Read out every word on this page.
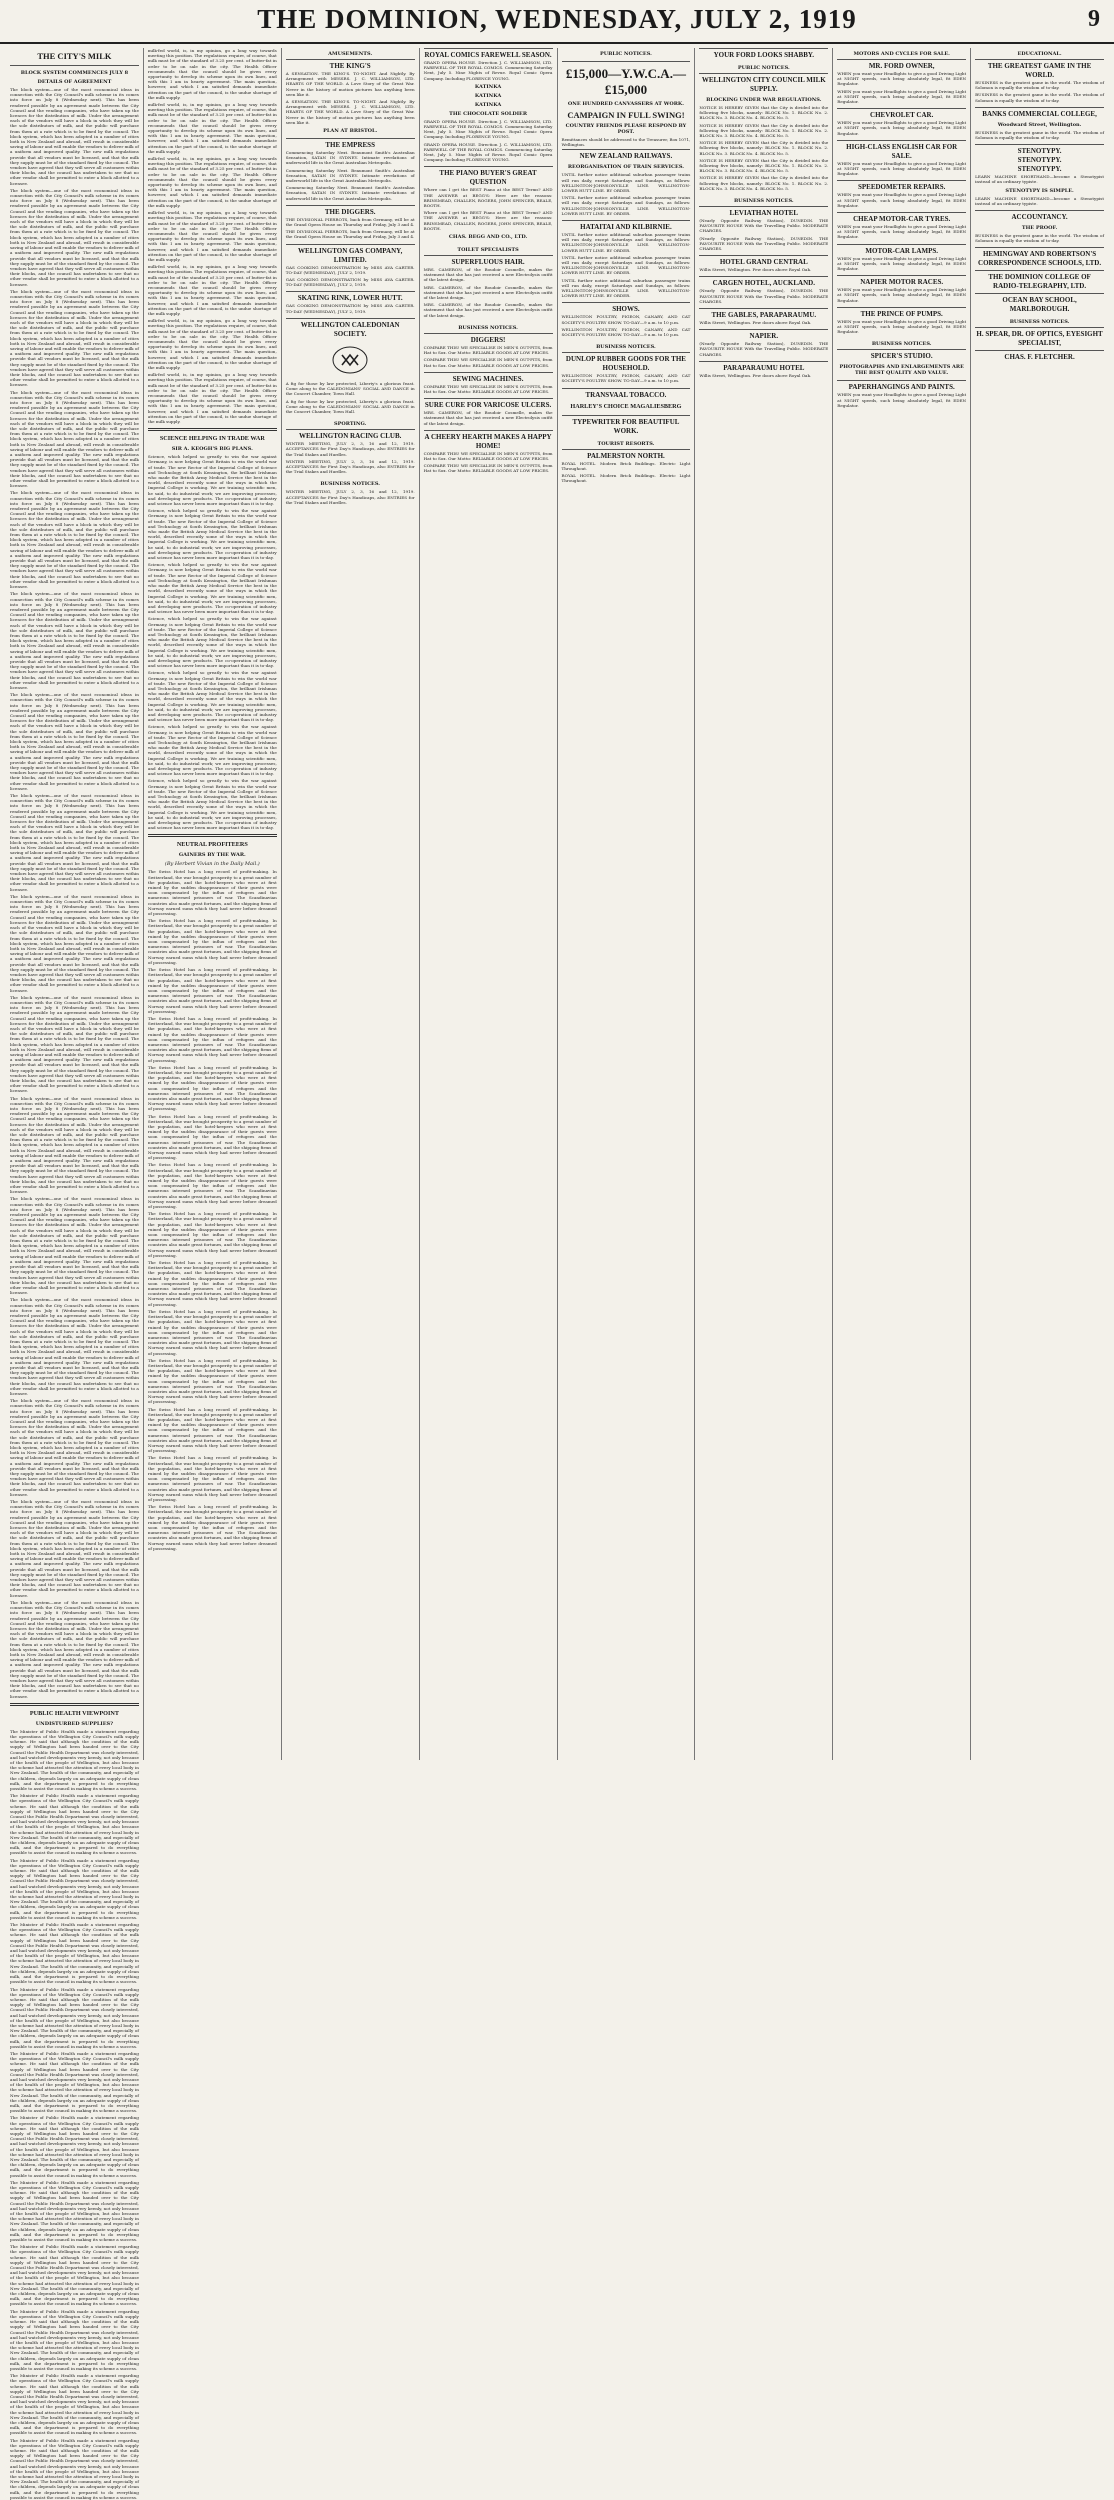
THE DOMINION, WEDNESDAY, JULY 2, 1919	9
THE CITY'S MILK
BLOCK SYSTEM COMMENCES JULY 8
DETAILS OF AGREEMENT

The block system—one of the most economical ideas in connection with the City Council's milk scheme in its comes into force on July 8 (Wednesday next). This has been rendered possible by an agreement made between the City Council and the vending companies, who have taken up the licences for the distribution of milk. Under the arrangement each of the vendors will have a block in which they will be the sole distributors of milk, and the public will purchase from them at a rate which is to be fixed by the council. The block system, which has been adopted in a number of cities both in New Zealand and abroad, will result in considerable saving of labour and will enable the vendors to deliver milk of a uniform and improved quality. The new milk regulations provide that all vendors must be licensed, and that the milk they supply must be of the standard fixed by the council. The vendors have agreed that they will serve all customers within their blocks, and the council has undertaken to see that no other vendor shall be permitted to enter a block allotted to a licensee.

The block system—one of the most economical ideas in connection with the City Council's milk scheme in its comes into force on July 8 (Wednesday next). This has been rendered possible by an agreement made between the City Council and the vending companies, who have taken up the licences for the distribution of milk. Under the arrangement each of the vendors will have a block in which they will be the sole distributors of milk, and the public will purchase from them at a rate which is to be fixed by the council. The block system, which has been adopted in a number of cities both in New Zealand and abroad, will result in considerable saving of labour and will enable the vendors to deliver milk of a uniform and improved quality. The new milk regulations provide that all vendors must be licensed, and that the milk they supply must be of the standard fixed by the council. The vendors have agreed that they will serve all customers within their blocks, and the council has undertaken to see that no other vendor shall be permitted to enter a block allotted to a licensee.

The block system—one of the most economical ideas in connection with the City Council's milk scheme in its comes into force on July 8 (Wednesday next). This has been rendered possible by an agreement made between the City Council and the vending companies, who have taken up the licences for the distribution of milk. Under the arrangement each of the vendors will have a block in which they will be the sole distributors of milk, and the public will purchase from them at a rate which is to be fixed by the council. The block system, which has been adopted in a number of cities both in New Zealand and abroad, will result in considerable saving of labour and will enable the vendors to deliver milk of a uniform and improved quality. The new milk regulations provide that all vendors must be licensed, and that the milk they supply must be of the standard fixed by the council. The vendors have agreed that they will serve all customers within their blocks, and the council has undertaken to see that no other vendor shall be permitted to enter a block allotted to a licensee.

The block system—one of the most economical ideas in connection with the City Council's milk scheme in its comes into force on July 8 (Wednesday next). This has been rendered possible by an agreement made between the City Council and the vending companies, who have taken up the licences for the distribution of milk. Under the arrangement each of the vendors will have a block in which they will be the sole distributors of milk, and the public will purchase from them at a rate which is to be fixed by the council. The block system, which has been adopted in a number of cities both in New Zealand and abroad, will result in considerable saving of labour and will enable the vendors to deliver milk of a uniform and improved quality. The new milk regulations provide that all vendors must be licensed, and that the milk they supply must be of the standard fixed by the council. The vendors have agreed that they will serve all customers within their blocks, and the council has undertaken to see that no other vendor shall be permitted to enter a block allotted to a licensee.

The block system—one of the most economical ideas in connection with the City Council's milk scheme in its comes into force on July 8 (Wednesday next). This has been rendered possible by an agreement made between the City Council and the vending companies, who have taken up the licences for the distribution of milk. Under the arrangement each of the vendors will have a block in which they will be the sole distributors of milk, and the public will purchase from them at a rate which is to be fixed by the council. The block system, which has been adopted in a number of cities both in New Zealand and abroad, will result in considerable saving of labour and will enable the vendors to deliver milk of a uniform and improved quality. The new milk regulations provide that all vendors must be licensed, and that the milk they supply must be of the standard fixed by the council. The vendors have agreed that they will serve all customers within their blocks, and the council has undertaken to see that no other vendor shall be permitted to enter a block allotted to a licensee.

The block system—one of the most economical ideas in connection with the City Council's milk scheme in its comes into force on July 8 (Wednesday next). This has been rendered possible by an agreement made between the City Council and the vending companies, who have taken up the licences for the distribution of milk. Under the arrangement each of the vendors will have a block in which they will be the sole distributors of milk, and the public will purchase from them at a rate which is to be fixed by the council. The block system, which has been adopted in a number of cities both in New Zealand and abroad, will result in considerable saving of labour and will enable the vendors to deliver milk of a uniform and improved quality. The new milk regulations provide that all vendors must be licensed, and that the milk they supply must be of the standard fixed by the council. The vendors have agreed that they will serve all customers within their blocks, and the council has undertaken to see that no other vendor shall be permitted to enter a block allotted to a licensee.

The block system—one of the most economical ideas in connection with the City Council's milk scheme in its comes into force on July 8 (Wednesday next). This has been rendered possible by an agreement made between the City Council and the vending companies, who have taken up the licences for the distribution of milk. Under the arrangement each of the vendors will have a block in which they will be the sole distributors of milk, and the public will purchase from them at a rate which is to be fixed by the council. The block system, which has been adopted in a number of cities both in New Zealand and abroad, will result in considerable saving of labour and will enable the vendors to deliver milk of a uniform and improved quality. The new milk regulations provide that all vendors must be licensed, and that the milk they supply must be of the standard fixed by the council. The vendors have agreed that they will serve all customers within their blocks, and the council has undertaken to see that no other vendor shall be permitted to enter a block allotted to a licensee.

The block system—one of the most economical ideas in connection with the City Council's milk scheme in its comes into force on July 8 (Wednesday next). This has been rendered possible by an agreement made between the City Council and the vending companies, who have taken up the licences for the distribution of milk. Under the arrangement each of the vendors will have a block in which they will be the sole distributors of milk, and the public will purchase from them at a rate which is to be fixed by the council. The block system, which has been adopted in a number of cities both in New Zealand and abroad, will result in considerable saving of labour and will enable the vendors to deliver milk of a uniform and improved quality. The new milk regulations provide that all vendors must be licensed, and that the milk they supply must be of the standard fixed by the council. The vendors have agreed that they will serve all customers within their blocks, and the council has undertaken to see that no other vendor shall be permitted to enter a block allotted to a licensee.

The block system—one of the most economical ideas in connection with the City Council's milk scheme in its comes into force on July 8 (Wednesday next). This has been rendered possible by an agreement made between the City Council and the vending companies, who have taken up the licences for the distribution of milk. Under the arrangement each of the vendors will have a block in which they will be the sole distributors of milk, and the public will purchase from them at a rate which is to be fixed by the council. The block system, which has been adopted in a number of cities both in New Zealand and abroad, will result in considerable saving of labour and will enable the vendors to deliver milk of a uniform and improved quality. The new milk regulations provide that all vendors must be licensed, and that the milk they supply must be of the standard fixed by the council. The vendors have agreed that they will serve all customers within their blocks, and the council has undertaken to see that no other vendor shall be permitted to enter a block allotted to a licensee.

The block system—one of the most economical ideas in connection with the City Council's milk scheme in its comes into force on July 8 (Wednesday next). This has been rendered possible by an agreement made between the City Council and the vending companies, who have taken up the licences for the distribution of milk. Under the arrangement each of the vendors will have a block in which they will be the sole distributors of milk, and the public will purchase from them at a rate which is to be fixed by the council. The block system, which has been adopted in a number of cities both in New Zealand and abroad, will result in considerable saving of labour and will enable the vendors to deliver milk of a uniform and improved quality. The new milk regulations provide that all vendors must be licensed, and that the milk they supply must be of the standard fixed by the council. The vendors have agreed that they will serve all customers within their blocks, and the council has undertaken to see that no other vendor shall be permitted to enter a block allotted to a licensee.

The block system—one of the most economical ideas in connection with the City Council's milk scheme in its comes into force on July 8 (Wednesday next). This has been rendered possible by an agreement made between the City Council and the vending companies, who have taken up the licences for the distribution of milk. Under the arrangement each of the vendors will have a block in which they will be the sole distributors of milk, and the public will purchase from them at a rate which is to be fixed by the council. The block system, which has been adopted in a number of cities both in New Zealand and abroad, will result in considerable saving of labour and will enable the vendors to deliver milk of a uniform and improved quality. The new milk regulations provide that all vendors must be licensed, and that the milk they supply must be of the standard fixed by the council. The vendors have agreed that they will serve all customers within their blocks, and the council has undertaken to see that no other vendor shall be permitted to enter a block allotted to a licensee.

The block system—one of the most economical ideas in connection with the City Council's milk scheme in its comes into force on July 8 (Wednesday next). This has been rendered possible by an agreement made between the City Council and the vending companies, who have taken up the licences for the distribution of milk. Under the arrangement each of the vendors will have a block in which they will be the sole distributors of milk, and the public will purchase from them at a rate which is to be fixed by the council. The block system, which has been adopted in a number of cities both in New Zealand and abroad, will result in considerable saving of labour and will enable the vendors to deliver milk of a uniform and improved quality. The new milk regulations provide that all vendors must be licensed, and that the milk they supply must be of the standard fixed by the council. The vendors have agreed that they will serve all customers within their blocks, and the council has undertaken to see that no other vendor shall be permitted to enter a block allotted to a licensee.

The block system—one of the most economical ideas in connection with the City Council's milk scheme in its comes into force on July 8 (Wednesday next). This has been rendered possible by an agreement made between the City Council and the vending companies, who have taken up the licences for the distribution of milk. Under the arrangement each of the vendors will have a block in which they will be the sole distributors of milk, and the public will purchase from them at a rate which is to be fixed by the council. The block system, which has been adopted in a number of cities both in New Zealand and abroad, will result in considerable saving of labour and will enable the vendors to deliver milk of a uniform and improved quality. The new milk regulations provide that all vendors must be licensed, and that the milk they supply must be of the standard fixed by the council. The vendors have agreed that they will serve all customers within their blocks, and the council has undertaken to see that no other vendor shall be permitted to enter a block allotted to a licensee.

The block system—one of the most economical ideas in connection with the City Council's milk scheme in its comes into force on July 8 (Wednesday next). This has been rendered possible by an agreement made between the City Council and the vending companies, who have taken up the licences for the distribution of milk. Under the arrangement each of the vendors will have a block in which they will be the sole distributors of milk, and the public will purchase from them at a rate which is to be fixed by the council. The block system, which has been adopted in a number of cities both in New Zealand and abroad, will result in considerable saving of labour and will enable the vendors to deliver milk of a uniform and improved quality. The new milk regulations provide that all vendors must be licensed, and that the milk they supply must be of the standard fixed by the council. The vendors have agreed that they will serve all customers within their blocks, and the council has undertaken to see that no other vendor shall be permitted to enter a block allotted to a licensee.

The block system—one of the most economical ideas in connection with the City Council's milk scheme in its comes into force on July 8 (Wednesday next). This has been rendered possible by an agreement made between the City Council and the vending companies, who have taken up the licences for the distribution of milk. Under the arrangement each of the vendors will have a block in which they will be the sole distributors of milk, and the public will purchase from them at a rate which is to be fixed by the council. The block system, which has been adopted in a number of cities both in New Zealand and abroad, will result in considerable saving of labour and will enable the vendors to deliver milk of a uniform and improved quality. The new milk regulations provide that all vendors must be licensed, and that the milk they supply must be of the standard fixed by the council. The vendors have agreed that they will serve all customers within their blocks, and the council has undertaken to see that no other vendor shall be permitted to enter a block allotted to a licensee.

The block system—one of the most economical ideas in connection with the City Council's milk scheme in its comes into force on July 8 (Wednesday next). This has been rendered possible by an agreement made between the City Council and the vending companies, who have taken up the licences for the distribution of milk. Under the arrangement each of the vendors will have a block in which they will be the sole distributors of milk, and the public will purchase from them at a rate which is to be fixed by the council. The block system, which has been adopted in a number of cities both in New Zealand and abroad, will result in considerable saving of labour and will enable the vendors to deliver milk of a uniform and improved quality. The new milk regulations provide that all vendors must be licensed, and that the milk they supply must be of the standard fixed by the council. The vendors have agreed that they will serve all customers within their blocks, and the council has undertaken to see that no other vendor shall be permitted to enter a block allotted to a licensee.

PUBLIC HEALTH VIEWPOINT
UNDISTURBED SUPPLIES?

The Minister of Public Health made a statement regarding the operations of the Wellington City Council's milk supply scheme. He said that although the condition of the milk supply of Wellington had been handed over to the City Council the Public Health Department was closely interested, and had watched developments very keenly, not only because of the health of the people of Wellington, but also because the scheme had attracted the attention of every local body in New Zealand. The health of the community, and especially of the children, depends largely on an adequate supply of clean milk, and the department is prepared to do everything possible to assist the council in making its scheme a success.

The Minister of Public Health made a statement regarding the operations of the Wellington City Council's milk supply scheme. He said that although the condition of the milk supply of Wellington had been handed over to the City Council the Public Health Department was closely interested, and had watched developments very keenly, not only because of the health of the people of Wellington, but also because the scheme had attracted the attention of every local body in New Zealand. The health of the community, and especially of the children, depends largely on an adequate supply of clean milk, and the department is prepared to do everything possible to assist the council in making its scheme a success.

The Minister of Public Health made a statement regarding the operations of the Wellington City Council's milk supply scheme. He said that although the condition of the milk supply of Wellington had been handed over to the City Council the Public Health Department was closely interested, and had watched developments very keenly, not only because of the health of the people of Wellington, but also because the scheme had attracted the attention of every local body in New Zealand. The health of the community, and especially of the children, depends largely on an adequate supply of clean milk, and the department is prepared to do everything possible to assist the council in making its scheme a success.

The Minister of Public Health made a statement regarding the operations of the Wellington City Council's milk supply scheme. He said that although the condition of the milk supply of Wellington had been handed over to the City Council the Public Health Department was closely interested, and had watched developments very keenly, not only because of the health of the people of Wellington, but also because the scheme had attracted the attention of every local body in New Zealand. The health of the community, and especially of the children, depends largely on an adequate supply of clean milk, and the department is prepared to do everything possible to assist the council in making its scheme a success.

The Minister of Public Health made a statement regarding the operations of the Wellington City Council's milk supply scheme. He said that although the condition of the milk supply of Wellington had been handed over to the City Council the Public Health Department was closely interested, and had watched developments very keenly, not only because of the health of the people of Wellington, but also because the scheme had attracted the attention of every local body in New Zealand. The health of the community, and especially of the children, depends largely on an adequate supply of clean milk, and the department is prepared to do everything possible to assist the council in making its scheme a success.

The Minister of Public Health made a statement regarding the operations of the Wellington City Council's milk supply scheme. He said that although the condition of the milk supply of Wellington had been handed over to the City Council the Public Health Department was closely interested, and had watched developments very keenly, not only because of the health of the people of Wellington, but also because the scheme had attracted the attention of every local body in New Zealand. The health of the community, and especially of the children, depends largely on an adequate supply of clean milk, and the department is prepared to do everything possible to assist the council in making its scheme a success.

The Minister of Public Health made a statement regarding the operations of the Wellington City Council's milk supply scheme. He said that although the condition of the milk supply of Wellington had been handed over to the City Council the Public Health Department was closely interested, and had watched developments very keenly, not only because of the health of the people of Wellington, but also because the scheme had attracted the attention of every local body in New Zealand. The health of the community, and especially of the children, depends largely on an adequate supply of clean milk, and the department is prepared to do everything possible to assist the council in making its scheme a success.

The Minister of Public Health made a statement regarding the operations of the Wellington City Council's milk supply scheme. He said that although the condition of the milk supply of Wellington had been handed over to the City Council the Public Health Department was closely interested, and had watched developments very keenly, not only because of the health of the people of Wellington, but also because the scheme had attracted the attention of every local body in New Zealand. The health of the community, and especially of the children, depends largely on an adequate supply of clean milk, and the department is prepared to do everything possible to assist the council in making its scheme a success.

The Minister of Public Health made a statement regarding the operations of the Wellington City Council's milk supply scheme. He said that although the condition of the milk supply of Wellington had been handed over to the City Council the Public Health Department was closely interested, and had watched developments very keenly, not only because of the health of the people of Wellington, but also because the scheme had attracted the attention of every local body in New Zealand. The health of the community, and especially of the children, depends largely on an adequate supply of clean milk, and the department is prepared to do everything possible to assist the council in making its scheme a success.

The Minister of Public Health made a statement regarding the operations of the Wellington City Council's milk supply scheme. He said that although the condition of the milk supply of Wellington had been handed over to the City Council the Public Health Department was closely interested, and had watched developments very keenly, not only because of the health of the people of Wellington, but also because the scheme had attracted the attention of every local body in New Zealand. The health of the community, and especially of the children, depends largely on an adequate supply of clean milk, and the department is prepared to do everything possible to assist the council in making its scheme a success.

The Minister of Public Health made a statement regarding the operations of the Wellington City Council's milk supply scheme. He said that although the condition of the milk supply of Wellington had been handed over to the City Council the Public Health Department was closely interested, and had watched developments very keenly, not only because of the health of the people of Wellington, but also because the scheme had attracted the attention of every local body in New Zealand. The health of the community, and especially of the children, depends largely on an adequate supply of clean milk, and the department is prepared to do everything possible to assist the council in making its scheme a success.

The Minister of Public Health made a statement regarding the operations of the Wellington City Council's milk supply scheme. He said that although the condition of the milk supply of Wellington had been handed over to the City Council the Public Health Department was closely interested, and had watched developments very keenly, not only because of the health of the people of Wellington, but also because the scheme had attracted the attention of every local body in New Zealand. The health of the community, and especially of the children, depends largely on an adequate supply of clean milk, and the department is prepared to do everything possible to assist the council in making its scheme a success.

milk-fed world, is, in my opinion, go a long way towards meeting this position. The regulations require, of course, that milk must be of the standard of 3.25 per cent. of butter-fat in order to be on sale in the city. The Health Officer recommends that the council should be given every opportunity to develop its scheme upon its own lines, and with this I am in hearty agreement. The main question, however, and which I am satisfied demands immediate attention on the part of the council, is the undue shortage of the milk supply.

milk-fed world, is, in my opinion, go a long way towards meeting this position. The regulations require, of course, that milk must be of the standard of 3.25 per cent. of butter-fat in order to be on sale in the city. The Health Officer recommends that the council should be given every opportunity to develop its scheme upon its own lines, and with this I am in hearty agreement. The main question, however, and which I am satisfied demands immediate attention on the part of the council, is the undue shortage of the milk supply.

milk-fed world, is, in my opinion, go a long way towards meeting this position. The regulations require, of course, that milk must be of the standard of 3.25 per cent. of butter-fat in order to be on sale in the city. The Health Officer recommends that the council should be given every opportunity to develop its scheme upon its own lines, and with this I am in hearty agreement. The main question, however, and which I am satisfied demands immediate attention on the part of the council, is the undue shortage of the milk supply.

milk-fed world, is, in my opinion, go a long way towards meeting this position. The regulations require, of course, that milk must be of the standard of 3.25 per cent. of butter-fat in order to be on sale in the city. The Health Officer recommends that the council should be given every opportunity to develop its scheme upon its own lines, and with this I am in hearty agreement. The main question, however, and which I am satisfied demands immediate attention on the part of the council, is the undue shortage of the milk supply.

milk-fed world, is, in my opinion, go a long way towards meeting this position. The regulations require, of course, that milk must be of the standard of 3.25 per cent. of butter-fat in order to be on sale in the city. The Health Officer recommends that the council should be given every opportunity to develop its scheme upon its own lines, and with this I am in hearty agreement. The main question, however, and which I am satisfied demands immediate attention on the part of the council, is the undue shortage of the milk supply.

milk-fed world, is, in my opinion, go a long way towards meeting this position. The regulations require, of course, that milk must be of the standard of 3.25 per cent. of butter-fat in order to be on sale in the city. The Health Officer recommends that the council should be given every opportunity to develop its scheme upon its own lines, and with this I am in hearty agreement. The main question, however, and which I am satisfied demands immediate attention on the part of the council, is the undue shortage of the milk supply.

milk-fed world, is, in my opinion, go a long way towards meeting this position. The regulations require, of course, that milk must be of the standard of 3.25 per cent. of butter-fat in order to be on sale in the city. The Health Officer recommends that the council should be given every opportunity to develop its scheme upon its own lines, and with this I am in hearty agreement. The main question, however, and which I am satisfied demands immediate attention on the part of the council, is the undue shortage of the milk supply.

SCIENCE HELPING IN TRADE WAR
SIR A. KEOGH'S BIG PLANS.

Science, which helped so greatly to win the war against Germany, is now helping Great Britain to win the world war of trade. The new Rector of the Imperial College of Science and Technology at South Kensington, the brilliant Irishman who made the British Army Medical Service the best in the world, described recently some of the ways in which the Imperial College is working. We are training scientific men, he said, to do industrial work; we are improving processes, and developing new products. The co-operation of industry and science has never been more important than it is to-day.

Science, which helped so greatly to win the war against Germany, is now helping Great Britain to win the world war of trade. The new Rector of the Imperial College of Science and Technology at South Kensington, the brilliant Irishman who made the British Army Medical Service the best in the world, described recently some of the ways in which the Imperial College is working. We are training scientific men, he said, to do industrial work; we are improving processes, and developing new products. The co-operation of industry and science has never been more important than it is to-day.

Science, which helped so greatly to win the war against Germany, is now helping Great Britain to win the world war of trade. The new Rector of the Imperial College of Science and Technology at South Kensington, the brilliant Irishman who made the British Army Medical Service the best in the world, described recently some of the ways in which the Imperial College is working. We are training scientific men, he said, to do industrial work; we are improving processes, and developing new products. The co-operation of industry and science has never been more important than it is to-day.

Science, which helped so greatly to win the war against Germany, is now helping Great Britain to win the world war of trade. The new Rector of the Imperial College of Science and Technology at South Kensington, the brilliant Irishman who made the British Army Medical Service the best in the world, described recently some of the ways in which the Imperial College is working. We are training scientific men, he said, to do industrial work; we are improving processes, and developing new products. The co-operation of industry and science has never been more important than it is to-day.

Science, which helped so greatly to win the war against Germany, is now helping Great Britain to win the world war of trade. The new Rector of the Imperial College of Science and Technology at South Kensington, the brilliant Irishman who made the British Army Medical Service the best in the world, described recently some of the ways in which the Imperial College is working. We are training scientific men, he said, to do industrial work; we are improving processes, and developing new products. The co-operation of industry and science has never been more important than it is to-day.

Science, which helped so greatly to win the war against Germany, is now helping Great Britain to win the world war of trade. The new Rector of the Imperial College of Science and Technology at South Kensington, the brilliant Irishman who made the British Army Medical Service the best in the world, described recently some of the ways in which the Imperial College is working. We are training scientific men, he said, to do industrial work; we are improving processes, and developing new products. The co-operation of industry and science has never been more important than it is to-day.

Science, which helped so greatly to win the war against Germany, is now helping Great Britain to win the world war of trade. The new Rector of the Imperial College of Science and Technology at South Kensington, the brilliant Irishman who made the British Army Medical Service the best in the world, described recently some of the ways in which the Imperial College is working. We are training scientific men, he said, to do industrial work; we are improving processes, and developing new products. The co-operation of industry and science has never been more important than it is to-day.

NEUTRAL PROFITEERS
GAINERS BY THE WAR.
(By Herbert Vivian in the Daily Mail.)

The Swiss Hotel has a long record of profit-making. In Switzerland, the war brought prosperity to a great number of the population, and the hotel-keepers who were at first ruined by the sudden disappearance of their guests were soon compensated by the influx of refugees and the numerous interned prisoners of war. The Scandinavian countries also made great fortunes, and the shipping firms of Norway earned sums which they had never before dreamed of possessing.

The Swiss Hotel has a long record of profit-making. In Switzerland, the war brought prosperity to a great number of the population, and the hotel-keepers who were at first ruined by the sudden disappearance of their guests were soon compensated by the influx of refugees and the numerous interned prisoners of war. The Scandinavian countries also made great fortunes, and the shipping firms of Norway earned sums which they had never before dreamed of possessing.

The Swiss Hotel has a long record of profit-making. In Switzerland, the war brought prosperity to a great number of the population, and the hotel-keepers who were at first ruined by the sudden disappearance of their guests were soon compensated by the influx of refugees and the numerous interned prisoners of war. The Scandinavian countries also made great fortunes, and the shipping firms of Norway earned sums which they had never before dreamed of possessing.

The Swiss Hotel has a long record of profit-making. In Switzerland, the war brought prosperity to a great number of the population, and the hotel-keepers who were at first ruined by the sudden disappearance of their guests were soon compensated by the influx of refugees and the numerous interned prisoners of war. The Scandinavian countries also made great fortunes, and the shipping firms of Norway earned sums which they had never before dreamed of possessing.

The Swiss Hotel has a long record of profit-making. In Switzerland, the war brought prosperity to a great number of the population, and the hotel-keepers who were at first ruined by the sudden disappearance of their guests were soon compensated by the influx of refugees and the numerous interned prisoners of war. The Scandinavian countries also made great fortunes, and the shipping firms of Norway earned sums which they had never before dreamed of possessing.

The Swiss Hotel has a long record of profit-making. In Switzerland, the war brought prosperity to a great number of the population, and the hotel-keepers who were at first ruined by the sudden disappearance of their guests were soon compensated by the influx of refugees and the numerous interned prisoners of war. The Scandinavian countries also made great fortunes, and the shipping firms of Norway earned sums which they had never before dreamed of possessing.

The Swiss Hotel has a long record of profit-making. In Switzerland, the war brought prosperity to a great number of the population, and the hotel-keepers who were at first ruined by the sudden disappearance of their guests were soon compensated by the influx of refugees and the numerous interned prisoners of war. The Scandinavian countries also made great fortunes, and the shipping firms of Norway earned sums which they had never before dreamed of possessing.

The Swiss Hotel has a long record of profit-making. In Switzerland, the war brought prosperity to a great number of the population, and the hotel-keepers who were at first ruined by the sudden disappearance of their guests were soon compensated by the influx of refugees and the numerous interned prisoners of war. The Scandinavian countries also made great fortunes, and the shipping firms of Norway earned sums which they had never before dreamed of possessing.

The Swiss Hotel has a long record of profit-making. In Switzerland, the war brought prosperity to a great number of the population, and the hotel-keepers who were at first ruined by the sudden disappearance of their guests were soon compensated by the influx of refugees and the numerous interned prisoners of war. The Scandinavian countries also made great fortunes, and the shipping firms of Norway earned sums which they had never before dreamed of possessing.

The Swiss Hotel has a long record of profit-making. In Switzerland, the war brought prosperity to a great number of the population, and the hotel-keepers who were at first ruined by the sudden disappearance of their guests were soon compensated by the influx of refugees and the numerous interned prisoners of war. The Scandinavian countries also made great fortunes, and the shipping firms of Norway earned sums which they had never before dreamed of possessing.

The Swiss Hotel has a long record of profit-making. In Switzerland, the war brought prosperity to a great number of the population, and the hotel-keepers who were at first ruined by the sudden disappearance of their guests were soon compensated by the influx of refugees and the numerous interned prisoners of war. The Scandinavian countries also made great fortunes, and the shipping firms of Norway earned sums which they had never before dreamed of possessing.

The Swiss Hotel has a long record of profit-making. In Switzerland, the war brought prosperity to a great number of the population, and the hotel-keepers who were at first ruined by the sudden disappearance of their guests were soon compensated by the influx of refugees and the numerous interned prisoners of war. The Scandinavian countries also made great fortunes, and the shipping firms of Norway earned sums which they had never before dreamed of possessing.

The Swiss Hotel has a long record of profit-making. In Switzerland, the war brought prosperity to a great number of the population, and the hotel-keepers who were at first ruined by the sudden disappearance of their guests were soon compensated by the influx of refugees and the numerous interned prisoners of war. The Scandinavian countries also made great fortunes, and the shipping firms of Norway earned sums which they had never before dreamed of possessing.

The Swiss Hotel has a long record of profit-making. In Switzerland, the war brought prosperity to a great number of the population, and the hotel-keepers who were at first ruined by the sudden disappearance of their guests were soon compensated by the influx of refugees and the numerous interned prisoners of war. The Scandinavian countries also made great fortunes, and the shipping firms of Norway earned sums which they had never before dreamed of possessing.

AMUSEMENTS.
THE KING'S

A SENSATION. THE KING'S. TO-NIGHT. And Nightly. By Arrangement with MESSRS. J. C. WILLIAMSON, LTD. HEARTS OF THE WORLD. A Love Story of the Great War. Never in the history of motion pictures has anything been seen like it.

A SENSATION. THE KING'S. TO-NIGHT. And Nightly. By Arrangement with MESSRS. J. C. WILLIAMSON, LTD. HEARTS OF THE WORLD. A Love Story of the Great War. Never in the history of motion pictures has anything been seen like it.

PLAN AT BRISTOL.
THE EMPRESS

Commencing Saturday Next. Beaumont Smith's Australian Sensation, SATAN IN SYDNEY. Intimate revelations of underworld life in the Great Australian Metropolis.

Commencing Saturday Next. Beaumont Smith's Australian Sensation, SATAN IN SYDNEY. Intimate revelations of underworld life in the Great Australian Metropolis.

Commencing Saturday Next. Beaumont Smith's Australian Sensation, SATAN IN SYDNEY. Intimate revelations of underworld life in the Great Australian Metropolis.

THE DIGGERS.

THE DIVISIONAL PIERROTS, back from Germany, will be at the Grand Opera House on Thursday and Friday, July 3 and 4.

THE DIVISIONAL PIERROTS, back from Germany, will be at the Grand Opera House on Thursday and Friday, July 3 and 4.

WELLINGTON GAS COMPANY, LIMITED.

GAS COOKING DEMONSTRATION by MISS AVA CARTER. TO-DAY (WEDNESDAY), JULY 2, 1919.

GAS COOKING DEMONSTRATION by MISS AVA CARTER. TO-DAY (WEDNESDAY), JULY 2, 1919.

SKATING RINK, LOWER HUTT.

GAS COOKING DEMONSTRATION by MISS AVA CARTER. TO-DAY (WEDNESDAY), JULY 2, 1919.

WELLINGTON CALEDONIAN SOCIETY.

A fig for those by law protected, Liberty's a glorious feast. Come along to the CALEDONIANS' SOCIAL AND DANCE in the Concert Chamber, Town Hall.

A fig for those by law protected, Liberty's a glorious feast. Come along to the CALEDONIANS' SOCIAL AND DANCE in the Concert Chamber, Town Hall.

SPORTING.
WELLINGTON RACING CLUB.

WINTER MEETING, JULY 2, 3, 16 and 12, 1919. ACCEPTANCES for First Day's Handicaps, also ENTRIES for the Trial Stakes and Hurdles.

WINTER MEETING, JULY 2, 3, 16 and 12, 1919. ACCEPTANCES for First Day's Handicaps, also ENTRIES for the Trial Stakes and Hurdles.

BUSINESS NOTICES.

WINTER MEETING, JULY 2, 3, 16 and 12, 1919. ACCEPTANCES for First Day's Handicaps, also ENTRIES for the Trial Stakes and Hurdles.

ROYAL COMICS FAREWELL SEASON.

GRAND OPERA HOUSE. Direction J. C. WILLIAMSON, LTD. FAREWELL OF THE ROYAL COMICS. Commencing Saturday Next, July 5. Nine Nights of Revue. Royal Comic Opera Company. Including FLORENCE YOUNG.

KATINKA
KATINKA
KATINKA
THE CHOCOLATE SOLDIER

GRAND OPERA HOUSE. Direction J. C. WILLIAMSON, LTD. FAREWELL OF THE ROYAL COMICS. Commencing Saturday Next, July 5. Nine Nights of Revue. Royal Comic Opera Company. Including FLORENCE YOUNG.

GRAND OPERA HOUSE. Direction J. C. WILLIAMSON, LTD. FAREWELL OF THE ROYAL COMICS. Commencing Saturday Next, July 5. Nine Nights of Revue. Royal Comic Opera Company. Including FLORENCE YOUNG.

THE PIANO BUYER'S GREAT QUESTION

Where can I get the BEST Piano at the BEST Terms? AND THE ANSWER at BEGG'S: Here are the reasons: BRINSMEAD, CHALLEN, ROGERS, JOHN SPENCER, BEALE, BOOTH.

Where can I get the BEST Piano at the BEST Terms? AND THE ANSWER at BEGG'S: Here are the reasons: BRINSMEAD, CHALLEN, ROGERS, JOHN SPENCER, BEALE, BOOTH.

CHAS. BEGG AND CO., LTD.
TOILET SPECIALISTS
SUPERFLUOUS HAIR.

MRS. CAMERON, of the Boudoir Cosmelle, makes the statement that she has just received a new Electrolysis outfit of the latest design.

MRS. CAMERON, of the Boudoir Cosmelle, makes the statement that she has just received a new Electrolysis outfit of the latest design.

MRS. CAMERON, of the Boudoir Cosmelle, makes the statement that she has just received a new Electrolysis outfit of the latest design.

BUSINESS NOTICES.
DIGGERS!

COMPARE THIS! WE SPECIALISE IN MEN'S OUT-FITS, from Hat to Sox. Our Motto: RELIABLE GOODS AT LOW PRICES.

COMPARE THIS! WE SPECIALISE IN MEN'S OUT-FITS, from Hat to Sox. Our Motto: RELIABLE GOODS AT LOW PRICES.

SEWING MACHINES.

COMPARE THIS! WE SPECIALISE IN MEN'S OUT-FITS, from Hat to Sox. Our Motto: RELIABLE GOODS AT LOW PRICES.

SURE CURE FOR VARICOSE ULCERS.

MRS. CAMERON, of the Boudoir Cosmelle, makes the statement that she has just received a new Electrolysis outfit of the latest design.

A CHEERY HEARTH MAKES A HAPPY HOME!

COMPARE THIS! WE SPECIALISE IN MEN'S OUT-FITS, from Hat to Sox. Our Motto: RELIABLE GOODS AT LOW PRICES.

COMPARE THIS! WE SPECIALISE IN MEN'S OUT-FITS, from Hat to Sox. Our Motto: RELIABLE GOODS AT LOW PRICES.

PUBLIC NOTICES.
£15,000—Y.W.C.A.—£15,000
ONE HUNDRED CANVASSERS AT WORK.
CAMPAIGN IN FULL SWING!
COUNTRY FRIENDS PLEASE RESPOND BY POST.

Remittances should be addressed to the Treasurer, Box 1071, Wellington.

NEW ZEALAND RAILWAYS.
REORGANISATION OF TRAIN SERVICES.

UNTIL further notice additional suburban passenger trains will run daily, except Saturdays and Sundays, as follows: WELLINGTON-JOHNSONVILLE LINE. WELLINGTON-LOWER HUTT LINE. BY ORDER.

UNTIL further notice additional suburban passenger trains will run daily, except Saturdays and Sundays, as follows: WELLINGTON-JOHNSONVILLE LINE. WELLINGTON-LOWER HUTT LINE. BY ORDER.

HATAITAI AND KILBIRNIE.

UNTIL further notice additional suburban passenger trains will run daily, except Saturdays and Sundays, as follows: WELLINGTON-JOHNSONVILLE LINE. WELLINGTON-LOWER HUTT LINE. BY ORDER.

UNTIL further notice additional suburban passenger trains will run daily, except Saturdays and Sundays, as follows: WELLINGTON-JOHNSONVILLE LINE. WELLINGTON-LOWER HUTT LINE. BY ORDER.

UNTIL further notice additional suburban passenger trains will run daily, except Saturdays and Sundays, as follows: WELLINGTON-JOHNSONVILLE LINE. WELLINGTON-LOWER HUTT LINE. BY ORDER.

SHOWS.

WELLINGTON POULTRY, PIGEON, CANARY, AND CAT SOCIETY'S POULTRY SHOW. TO-DAY—9 a.m. to 10 p.m.

WELLINGTON POULTRY, PIGEON, CANARY, AND CAT SOCIETY'S POULTRY SHOW. TO-DAY—9 a.m. to 10 p.m.

BUSINESS NOTICES.
DUNLOP RUBBER GOODS FOR THE HOUSEHOLD.

WELLINGTON POULTRY, PIGEON, CANARY, AND CAT SOCIETY'S POULTRY SHOW. TO-DAY—9 a.m. to 10 p.m.

TRANSVAAL TOBACCO.
HARLEY'S CHOICE MAGALIESBERG
TYPEWRITER FOR BEAUTIFUL WORK.
TOURIST RESORTS.
PALMERSTON NORTH.

ROYAL HOTEL. Modern Brick Buildings. Electric Light Throughout.

ROYAL HOTEL. Modern Brick Buildings. Electric Light Throughout.

YOUR FORD LOOKS SHABBY.
PUBLIC NOTICES.
WELLINGTON CITY COUNCIL MILK SUPPLY.
BLOCKING UNDER WAR REGULATIONS.

NOTICE IS HEREBY GIVEN that the City is divided into the following five blocks, namely: BLOCK No. 1. BLOCK No. 2. BLOCK No. 3. BLOCK No. 4. BLOCK No. 5.

NOTICE IS HEREBY GIVEN that the City is divided into the following five blocks, namely: BLOCK No. 1. BLOCK No. 2. BLOCK No. 3. BLOCK No. 4. BLOCK No. 5.

NOTICE IS HEREBY GIVEN that the City is divided into the following five blocks, namely: BLOCK No. 1. BLOCK No. 2. BLOCK No. 3. BLOCK No. 4. BLOCK No. 5.

NOTICE IS HEREBY GIVEN that the City is divided into the following five blocks, namely: BLOCK No. 1. BLOCK No. 2. BLOCK No. 3. BLOCK No. 4. BLOCK No. 5.

NOTICE IS HEREBY GIVEN that the City is divided into the following five blocks, namely: BLOCK No. 1. BLOCK No. 2. BLOCK No. 3. BLOCK No. 4. BLOCK No. 5.

BUSINESS NOTICES.
LEVIATHAN HOTEL

(Nearly Opposite Railway Station), DUNEDIN. THE FAVOURITE HOUSE With the Travelling Public. MODERATE CHARGES.

(Nearly Opposite Railway Station), DUNEDIN. THE FAVOURITE HOUSE With the Travelling Public. MODERATE CHARGES.

HOTEL GRAND CENTRAL

Willis Street, Wellington. Few doors above Royal Oak.

CARGEN HOTEL, AUCKLAND.

(Nearly Opposite Railway Station), DUNEDIN. THE FAVOURITE HOUSE With the Travelling Public. MODERATE CHARGES.

THE GABLES, PARAPARAUMU.

Willis Street, Wellington. Few doors above Royal Oak.

NAPIER.

(Nearly Opposite Railway Station), DUNEDIN. THE FAVOURITE HOUSE With the Travelling Public. MODERATE CHARGES.

PARAPARAUMU HOTEL

Willis Street, Wellington. Few doors above Royal Oak.

MOTORS AND CYCLES FOR SALE.
MR. FORD OWNER,

WHEN you want your Headlights to give a good Driving Light at NIGHT speeds, such being absolutely legal, fit EDEN Regulator.

WHEN you want your Headlights to give a good Driving Light at NIGHT speeds, such being absolutely legal, fit EDEN Regulator.

CHEVROLET CAR.

WHEN you want your Headlights to give a good Driving Light at NIGHT speeds, such being absolutely legal, fit EDEN Regulator.

HIGH-CLASS ENGLISH CAR FOR SALE.

WHEN you want your Headlights to give a good Driving Light at NIGHT speeds, such being absolutely legal, fit EDEN Regulator.

SPEEDOMETER REPAIRS.

WHEN you want your Headlights to give a good Driving Light at NIGHT speeds, such being absolutely legal, fit EDEN Regulator.

CHEAP MOTOR-CAR TYRES.

WHEN you want your Headlights to give a good Driving Light at NIGHT speeds, such being absolutely legal, fit EDEN Regulator.

MOTOR-CAR LAMPS.

WHEN you want your Headlights to give a good Driving Light at NIGHT speeds, such being absolutely legal, fit EDEN Regulator.

NAPIER MOTOR RACES.

WHEN you want your Headlights to give a good Driving Light at NIGHT speeds, such being absolutely legal, fit EDEN Regulator.

THE PRINCE OF PUMPS.

WHEN you want your Headlights to give a good Driving Light at NIGHT speeds, such being absolutely legal, fit EDEN Regulator.

BUSINESS NOTICES.
SPICER'S STUDIO.
PHOTOGRAPHS AND ENLARGEMENTS ARE THE BEST QUALITY AND VALUE.
PAPERHANGINGS AND PAINTS.

WHEN you want your Headlights to give a good Driving Light at NIGHT speeds, such being absolutely legal, fit EDEN Regulator.

EDUCATIONAL.
THE GREATEST GAME IN THE WORLD.

BUSINESS is the greatest game in the world. The wisdom of Solomon is equally the wisdom of to-day.

BUSINESS is the greatest game in the world. The wisdom of Solomon is equally the wisdom of to-day.

BANKS COMMERCIAL COLLEGE,
Woodward Street, Wellington.

BUSINESS is the greatest game in the world. The wisdom of Solomon is equally the wisdom of to-day.

STENOTYPY.
STENOTYPY.
STENOTYPY.

LEARN MACHINE SHORTHAND—become a Stenotypist instead of an ordinary typiste.

STENOTYPY IS SIMPLE.

LEARN MACHINE SHORTHAND—become a Stenotypist instead of an ordinary typiste.

ACCOUNTANCY.
THE PROOF.

BUSINESS is the greatest game in the world. The wisdom of Solomon is equally the wisdom of to-day.

HEMINGWAY AND ROBERTSON'S CORRESPONDENCE SCHOOLS, LTD.
THE DOMINION COLLEGE OF RADIO-TELEGRAPHY, LTD.
OCEAN BAY SCHOOL, MARLBOROUGH.
BUSINESS NOTICES.
H. SPEAR, DR. OF OPTICS, EYESIGHT SPECIALIST,
CHAS. F. FLETCHER.
